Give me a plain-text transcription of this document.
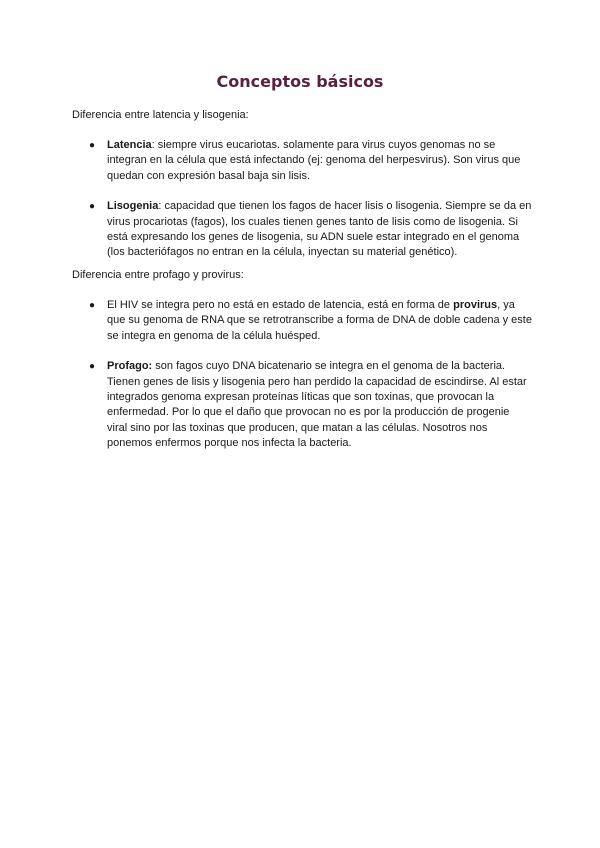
Conceptos básicos

Diferencia entre latencia y lisogenia:

● Latencia: siempre virus eucariotas. solamente para virus cuyos genomas no se integran en la célula que está infectando (ej: genoma del herpesvirus). Son virus que quedan con expresión basal baja sin lisis.
● Lisogenia: capacidad que tienen los fagos de hacer lisis o lisogenia. Siempre se da en virus procariotas (fagos), los cuales tienen genes tanto de lisis como de lisogenia. Si está expresando los genes de lisogenia, su ADN suele estar integrado en el genoma (los bacteriófagos no entran en la célula, inyectan su material genético).

Diferencia entre profago y provirus:

● El HIV se integra pero no está en estado de latencia, está en forma de provirus, ya que su genoma de RNA que se retrotranscribe a forma de DNA de doble cadena y este se integra en genoma de la célula huésped.
● Profago: son fagos cuyo DNA bicatenario se integra en el genoma de la bacteria. Tienen genes de lisis y lisogenia pero han perdido la capacidad de escindirse. Al estar integrados genoma expresan proteínas líticas que son toxinas, que provocan la enfermedad. Por lo que el daño que provocan no es por la producción de progenie viral sino por las toxinas que producen, que matan a las células. Nosotros nos ponemos enfermos porque nos infecta la bacteria.
